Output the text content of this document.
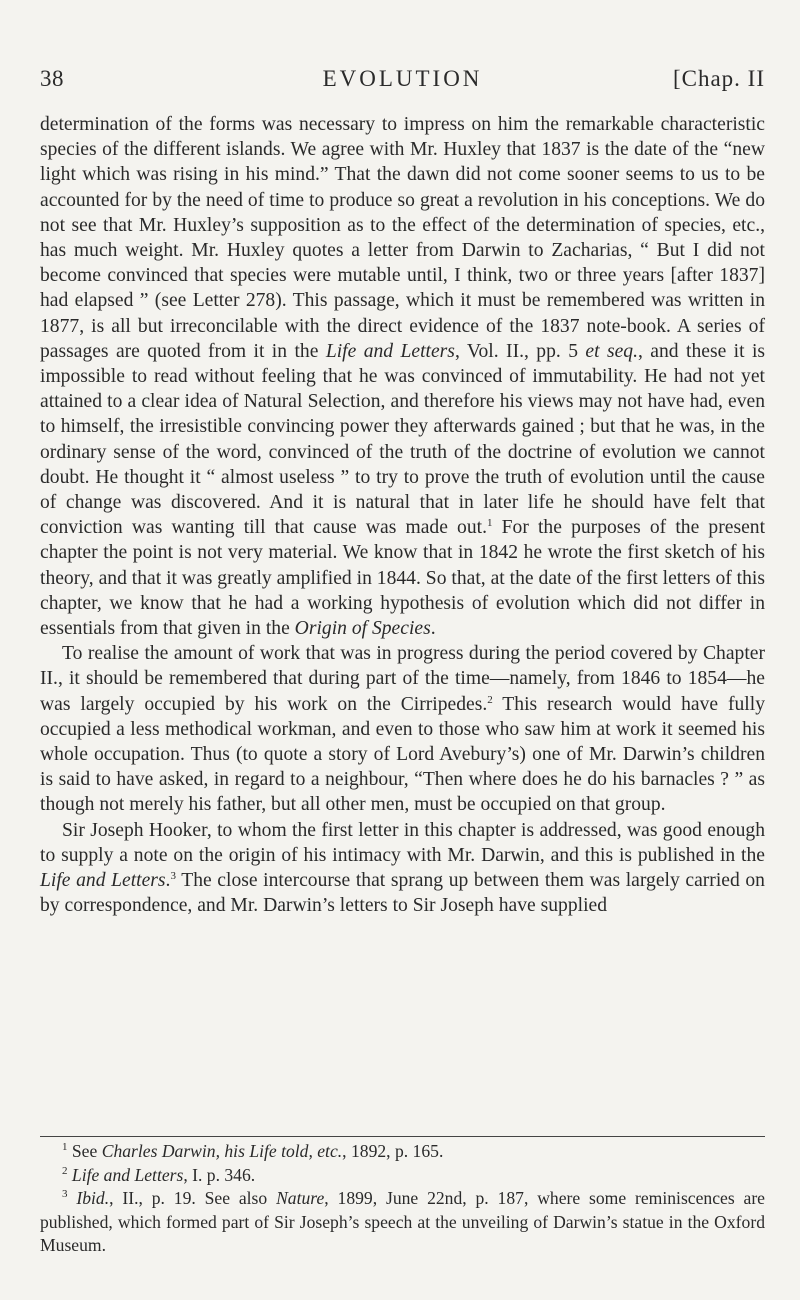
38	EVOLUTION	[Chap. II

determination of the forms was necessary to impress on him the remarkable characteristic species of the different islands. We agree with Mr. Huxley that 1837 is the date of the “new light which was rising in his mind.” That the dawn did not come sooner seems to us to be accounted for by the need of time to produce so great a revolution in his conceptions. We do not see that Mr. Huxley’s supposition as to the effect of the determination of species, etc., has much weight. Mr. Huxley quotes a letter from Darwin to Zacharias, “ But I did not become convinced that species were mutable until, I think, two or three years [after 1837] had elapsed ” (see Letter 278). This passage, which it must be remembered was written in 1877, is all but irreconcilable with the direct evidence of the 1837 note-book. A series of passages are quoted from it in the Life and Letters, Vol. II., pp. 5 et seq., and these it is impossible to read without feeling that he was convinced of immutability. He had not yet attained to a clear idea of Natural Selection, and therefore his views may not have had, even to himself, the irresistible convincing power they afterwards gained ; but that he was, in the ordinary sense of the word, convinced of the truth of the doctrine of evolution we cannot doubt. He thought it “ almost useless ” to try to prove the truth of evolution until the cause of change was discovered. And it is natural that in later life he should have felt that conviction was wanting till that cause was made out.$^1$ For the purposes of the present chapter the point is not very material. We know that in 1842 he wrote the first sketch of his theory, and that it was greatly amplified in 1844. So that, at the date of the first letters of this chapter, we know that he had a working hypothesis of evolution which did not differ in essentials from that given in the Origin of Species.

To realise the amount of work that was in progress during the period covered by Chapter II., it should be remembered that during part of the time—namely, from 1846 to 1854—he was largely occupied by his work on the Cirripedes.$^2$ This research would have fully occupied a less methodical workman, and even to those who saw him at work it seemed his whole occupation. Thus (to quote a story of Lord Avebury’s) one of Mr. Darwin’s children is said to have asked, in regard to a neighbour, “Then where does he do his barnacles ? ” as though not merely his father, but all other men, must be occupied on that group.

Sir Joseph Hooker, to whom the first letter in this chapter is addressed, was good enough to supply a note on the origin of his intimacy with Mr. Darwin, and this is published in the Life and Letters.$^3$ The close intercourse that sprang up between them was largely carried on by correspondence, and Mr. Darwin’s letters to Sir Joseph have supplied

$^1$ See Charles Darwin, his Life told, etc., 1892, p. 165.

$^2$ Life and Letters, I. p. 346.

$^3$ Ibid., II., p. 19. See also Nature, 1899, June 22nd, p. 187, where some reminiscences are published, which formed part of Sir Joseph’s speech at the unveiling of Darwin’s statue in the Oxford Museum.
